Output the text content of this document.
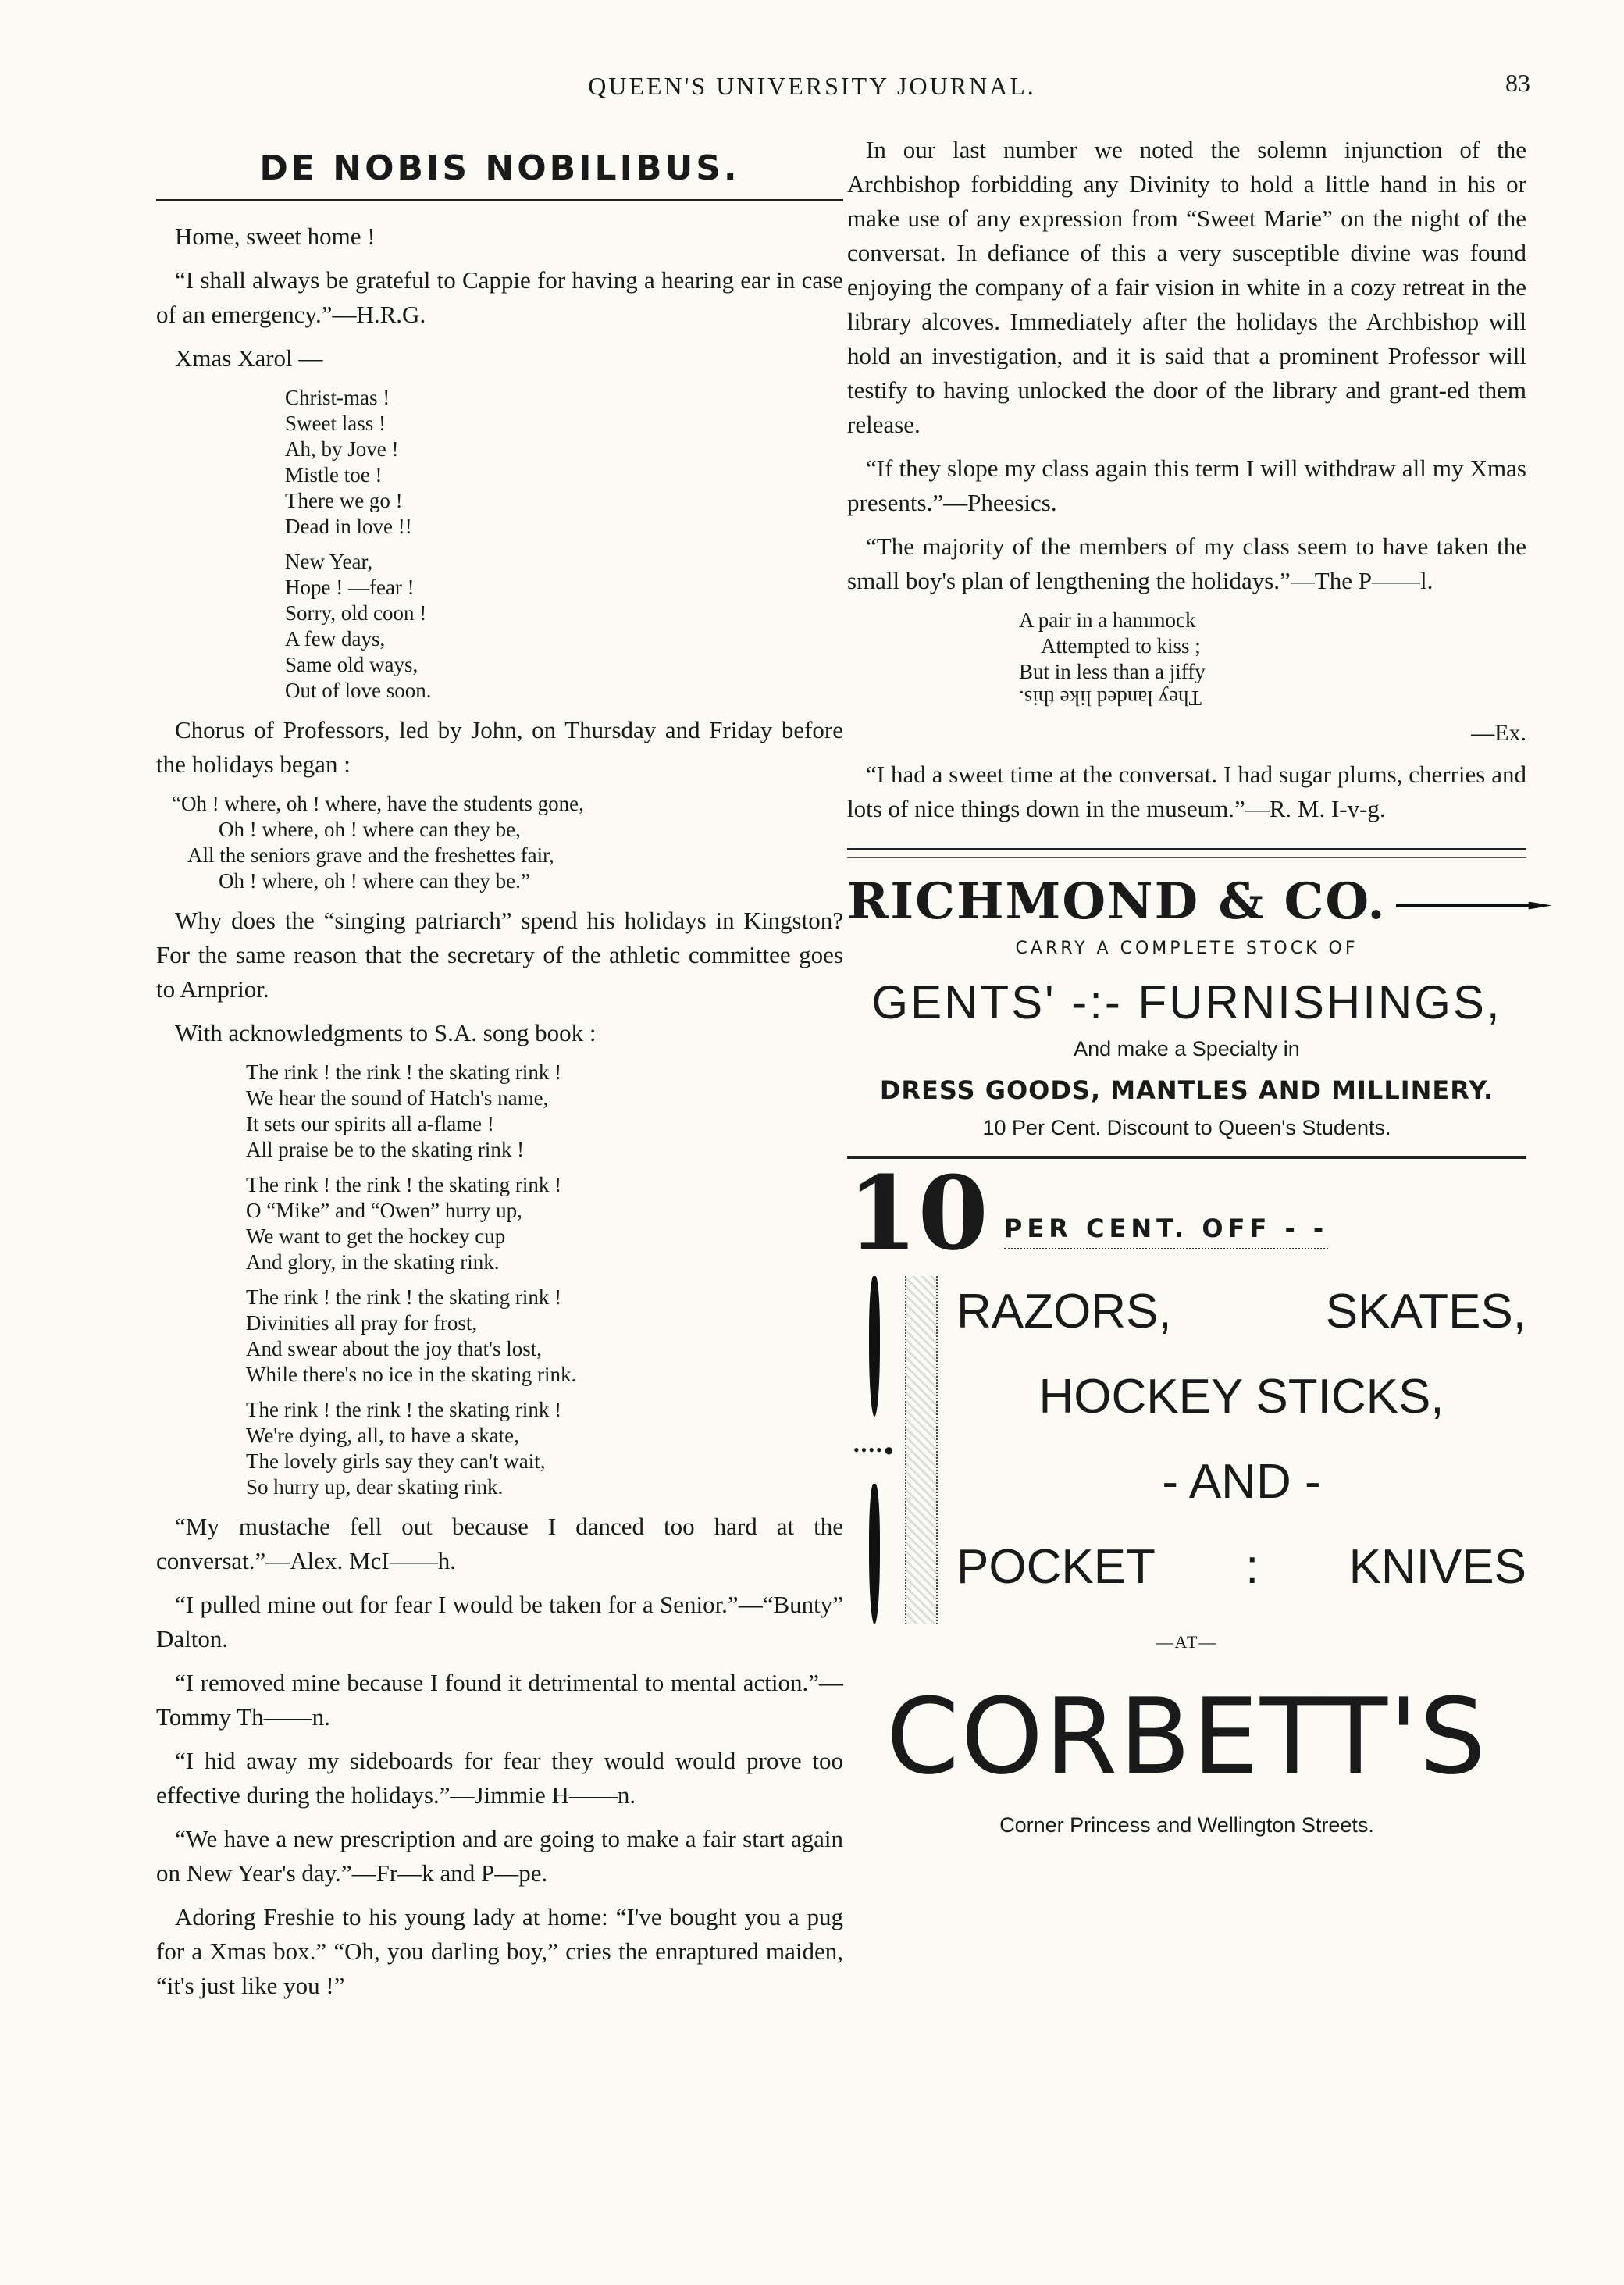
QUEEN'S UNIVERSITY JOURNAL.	83
DE NOBIS NOBILIBUS.

Home, sweet home !

“I shall always be grateful to Cappie for having a hearing ear in case of an emergency.”—H.R.G.

Xmas Xarol —

Christ-mas !
Sweet lass !
Ah, by Jove !
Mistle toe !
There we go !
Dead in love !!
New Year,
Hope ! —fear !
Sorry, old coon !
A few days,
Same old ways,
Out of love soon.

Chorus of Professors, led by John, on Thursday and Friday before the holidays began :

“Oh ! where, oh ! where, have the students gone,
Oh ! where, oh ! where can they be,
All the seniors grave and the freshettes fair,
Oh ! where, oh ! where can they be.”

Why does the “singing patriarch” spend his holidays in Kingston? For the same reason that the secretary of the athletic committee goes to Arnprior.

With acknowledgments to S.A. song book :

The rink ! the rink ! the skating rink !
We hear the sound of Hatch's name,
It sets our spirits all a-flame !
All praise be to the skating rink !
The rink ! the rink ! the skating rink !
O “Mike” and “Owen” hurry up,
We want to get the hockey cup
And glory, in the skating rink.
The rink ! the rink ! the skating rink !
Divinities all pray for frost,
And swear about the joy that's lost,
While there's no ice in the skating rink.
The rink ! the rink ! the skating rink !
We're dying, all, to have a skate,
The lovely girls say they can't wait,
So hurry up, dear skating rink.

“My mustache fell out because I danced too hard at the conversat.”—Alex. McI——h.

“I pulled mine out for fear I would be taken for a Senior.”—“Bunty” Dalton.

“I removed mine because I found it detrimental to mental action.”—Tommy Th——n.

“I hid away my sideboards for fear they would would prove too effective during the holidays.”—Jimmie H——n.

“We have a new prescription and are going to make a fair start again on New Year's day.”—Fr—k and P—pe.

Adoring Freshie to his young lady at home: “I've bought you a pug for a Xmas box.” “Oh, you darling boy,” cries the enraptured maiden, “it's just like you !”

In our last number we noted the solemn injunction of the Archbishop forbidding any Divinity to hold a little hand in his or make use of any expression from “Sweet Marie” on the night of the conversat. In defiance of this a very susceptible divine was found enjoying the company of a fair vision in white in a cozy retreat in the library alcoves. Immediately after the holidays the Archbishop will hold an investigation, and it is said that a prominent Professor will testify to having unlocked the door of the library and grant-ed them release.

“If they slope my class again this term I will withdraw all my Xmas presents.”—Pheesics.

“The majority of the members of my class seem to have taken the small boy's plan of lengthening the holidays.”—The P——l.

A pair in a hammock
Attempted to kiss ;
But in less than a jiffy
They landed like this.
—Ex.

“I had a sweet time at the conversat. I had sugar plums, cherries and lots of nice things down in the museum.”—R. M. I-v-g.

RICHMOND & CO.
CARRY A COMPLETE STOCK OF
GENTS' -:- FURNISHINGS,
And make a Specialty in
DRESS GOODS, MANTLES AND MILLINERY.
10 Per Cent. Discount to Queen's Students.
10 PER CENT. OFF - -
••••●
RAZORS,	SKATES,
HOCKEY STICKS,
- AND -
POCKET : KNIVES
—AT—
CORBETT'S
Corner Princess and Wellington Streets.
